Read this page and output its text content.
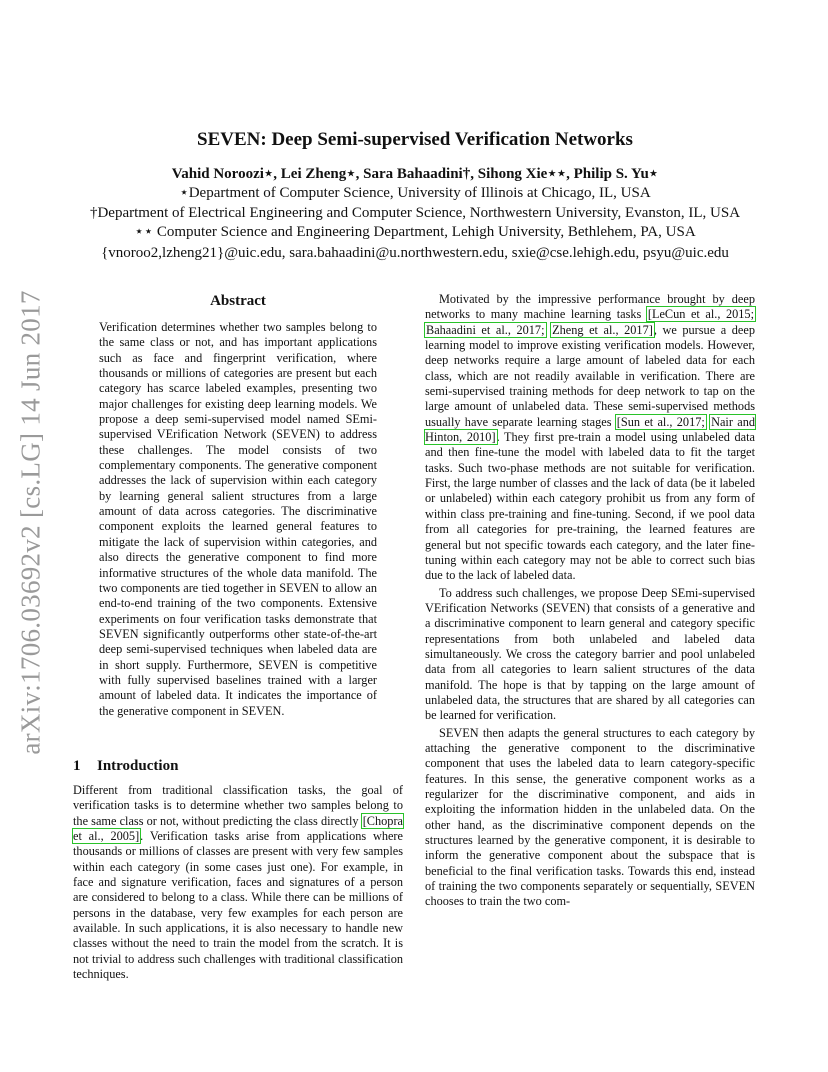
arXiv:1706.03692v2 [cs.LG] 14 Jun 2017
SEVEN: Deep Semi-supervised Verification Networks
Vahid Noroozi⋆, Lei Zheng⋆, Sara Bahaadini†, Sihong Xie⋆⋆, Philip S. Yu⋆
⋆Department of Computer Science, University of Illinois at Chicago, IL, USA
†Department of Electrical Engineering and Computer Science, Northwestern University, Evanston, IL, USA
⋆⋆ Computer Science and Engineering Department, Lehigh University, Bethlehem, PA, USA
{vnoroo2,lzheng21}@uic.edu, sara.bahaadini@u.northwestern.edu, sxie@cse.lehigh.edu, psyu@uic.edu
Abstract

Verification determines whether two samples belong to the same class or not, and has important applications such as face and fingerprint verification, where thousands or millions of categories are present but each category has scarce labeled examples, presenting two major challenges for existing deep learning models. We propose a deep semi-supervised model named SEmi-supervised VErification Network (SEVEN) to address these challenges. The model consists of two complementary components. The generative component addresses the lack of supervision within each category by learning general salient structures from a large amount of data across categories. The discriminative component exploits the learned general features to mitigate the lack of supervision within categories, and also directs the generative component to find more informative structures of the whole data manifold. The two components are tied together in SEVEN to allow an end-to-end training of the two components. Extensive experiments on four verification tasks demonstrate that SEVEN significantly outperforms other state-of-the-art deep semi-supervised techniques when labeled data are in short supply. Furthermore, SEVEN is competitive with fully supervised baselines trained with a larger amount of labeled data. It indicates the importance of the generative component in SEVEN.

1 Introduction

Different from traditional classification tasks, the goal of verification tasks is to determine whether two samples belong to the same class or not, without predicting the class directly [Chopra et al., 2005]. Verification tasks arise from applications where thousands or millions of classes are present with very few samples within each category (in some cases just one). For example, in face and signature verification, faces and signatures of a person are considered to belong to a class. While there can be millions of persons in the database, very few examples for each person are available. In such applications, it is also necessary to handle new classes without the need to train the model from the scratch. It is not trivial to address such challenges with traditional classification techniques.

Motivated by the impressive performance brought by deep networks to many machine learning tasks [LeCun et al., 2015; Bahaadini et al., 2017; Zheng et al., 2017], we pursue a deep learning model to improve existing verification models. However, deep networks require a large amount of labeled data for each class, which are not readily available in verification. There are semi-supervised training methods for deep network to tap on the large amount of unlabeled data. These semi-supervised methods usually have separate learning stages [Sun et al., 2017; Nair and Hinton, 2010]. They first pre-train a model using unlabeled data and then fine-tune the model with labeled data to fit the target tasks. Such two-phase methods are not suitable for verification. First, the large number of classes and the lack of data (be it labeled or unlabeled) within each category prohibit us from any form of within class pre-training and fine-tuning. Second, if we pool data from all categories for pre-training, the learned features are general but not specific towards each category, and the later fine-tuning within each category may not be able to correct such bias due to the lack of labeled data.

To address such challenges, we propose Deep SEmi-supervised VErification Networks (SEVEN) that consists of a generative and a discriminative component to learn general and category specific representations from both unlabeled and labeled data simultaneously. We cross the category barrier and pool unlabeled data from all categories to learn salient structures of the data manifold. The hope is that by tapping on the large amount of unlabeled data, the structures that are shared by all categories can be learned for verification.

SEVEN then adapts the general structures to each category by attaching the generative component to the discriminative component that uses the labeled data to learn category-specific features. In this sense, the generative component works as a regularizer for the discriminative component, and aids in exploiting the information hidden in the unlabeled data. On the other hand, as the discriminative component depends on the structures learned by the generative component, it is desirable to inform the generative component about the subspace that is beneficial to the final verification tasks. Towards this end, instead of training the two components separately or sequentially, SEVEN chooses to train the two com-
